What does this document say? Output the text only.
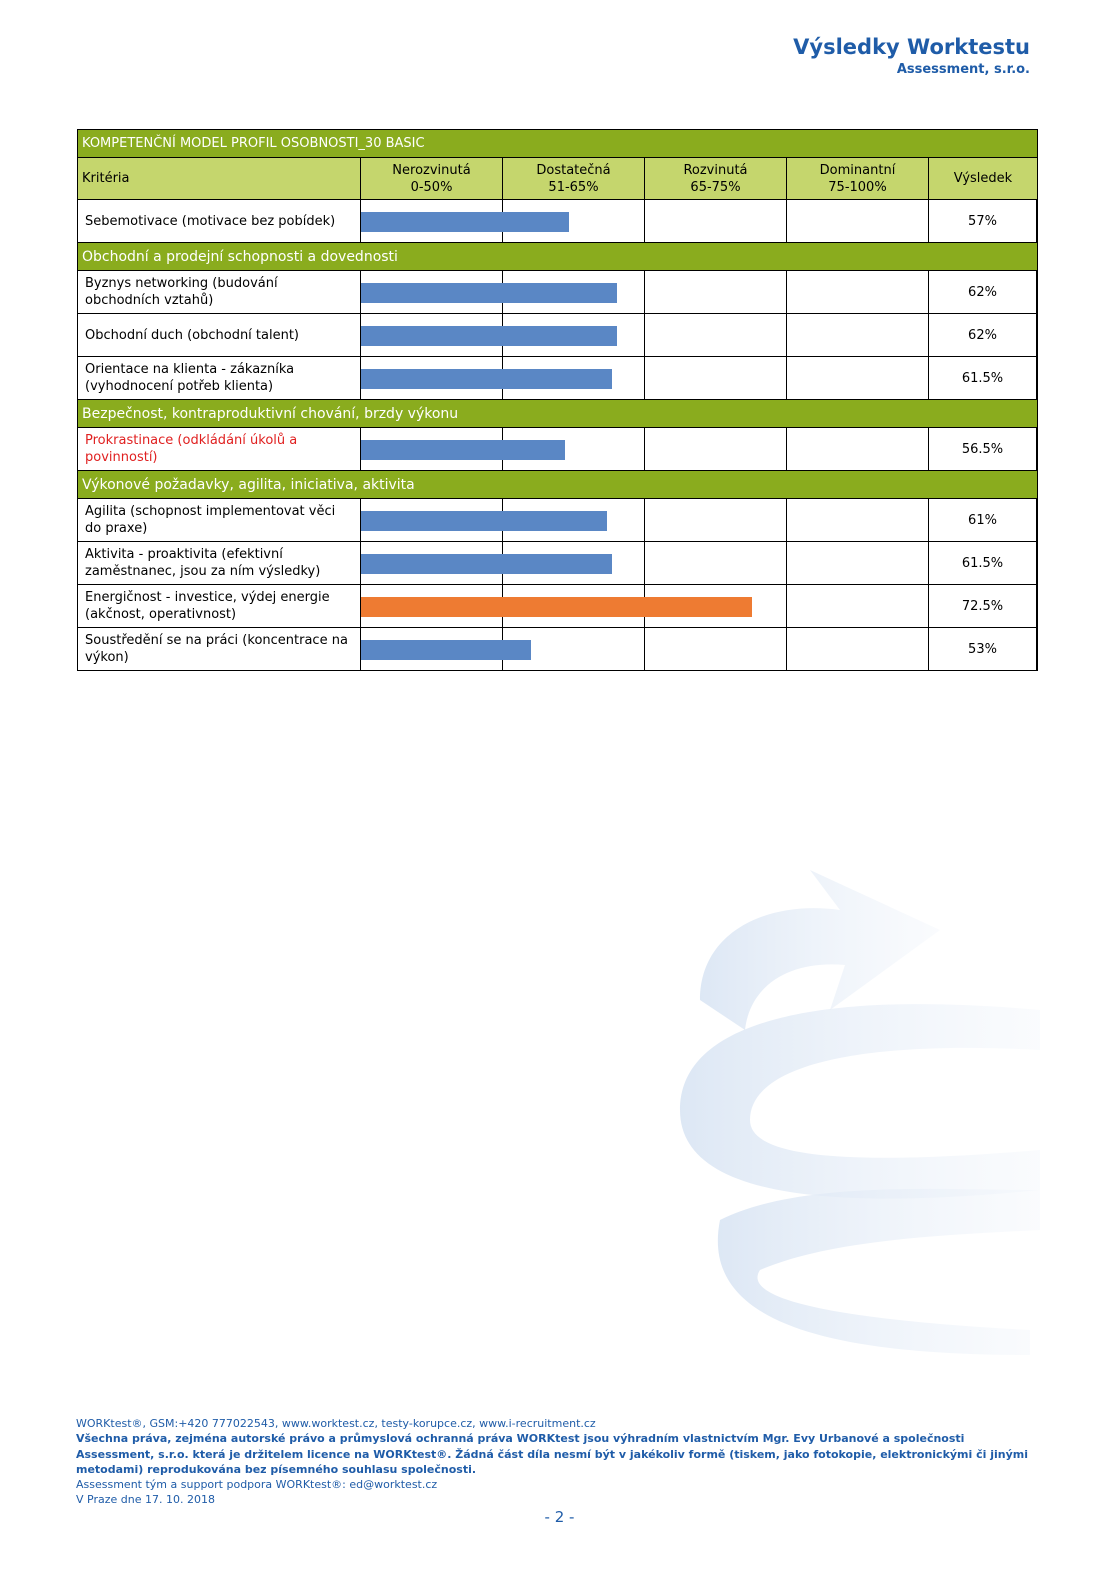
Výsledky Worktestu
Assessment, s.r.o.
KOMPETENČNÍ MODEL PROFIL OSOBNOSTI_30 BASIC
Kritéria
Nerozvinutá
0-50%
Dostatečná
51-65%
Rozvinutá
65-75%
Dominantní
75-100%
Výsledek
Sebemotivace (motivace bez pobídek)	57%
Obchodní a prodejní schopnosti a dovednosti
Byznys networking (budování obchodních vztahů)
62%
Obchodní duch (obchodní talent)	62%
Orientace na klienta - zákazníka (vyhodnocení potřeb klienta)
61.5%
Bezpečnost, kontraproduktivní chování, brzdy výkonu
Prokrastinace (odkládání úkolů a povinností)
56.5%
Výkonové požadavky, agilita, iniciativa, aktivita
Agilita (schopnost implementovat věci do praxe)
61%
Aktivita - proaktivita (efektivní zaměstnanec, jsou za ním výsledky)
61.5%
Energičnost - investice, výdej energie (akčnost, operativnost)
72.5%
Soustředění se na práci (koncentrace na výkon)
53%
WORKtest®, GSM:+420 777022543, www.worktest.cz, testy-korupce.cz, www.i-recruitment.cz
Všechna práva, zejména autorské právo a průmyslová ochranná práva WORKtest jsou výhradním vlastnictvím Mgr. Evy Urbanové a společnosti Assessment, s.r.o. která je držitelem licence na WORKtest®. Žádná část díla nesmí být v jakékoliv formě (tiskem, jako fotokopie, elektronickými či jinými metodami) reprodukována bez písemného souhlasu společnosti.
Assessment tým a support podpora WORKtest®: ed@worktest.cz
V Praze dne 17. 10. 2018
- 2 -
